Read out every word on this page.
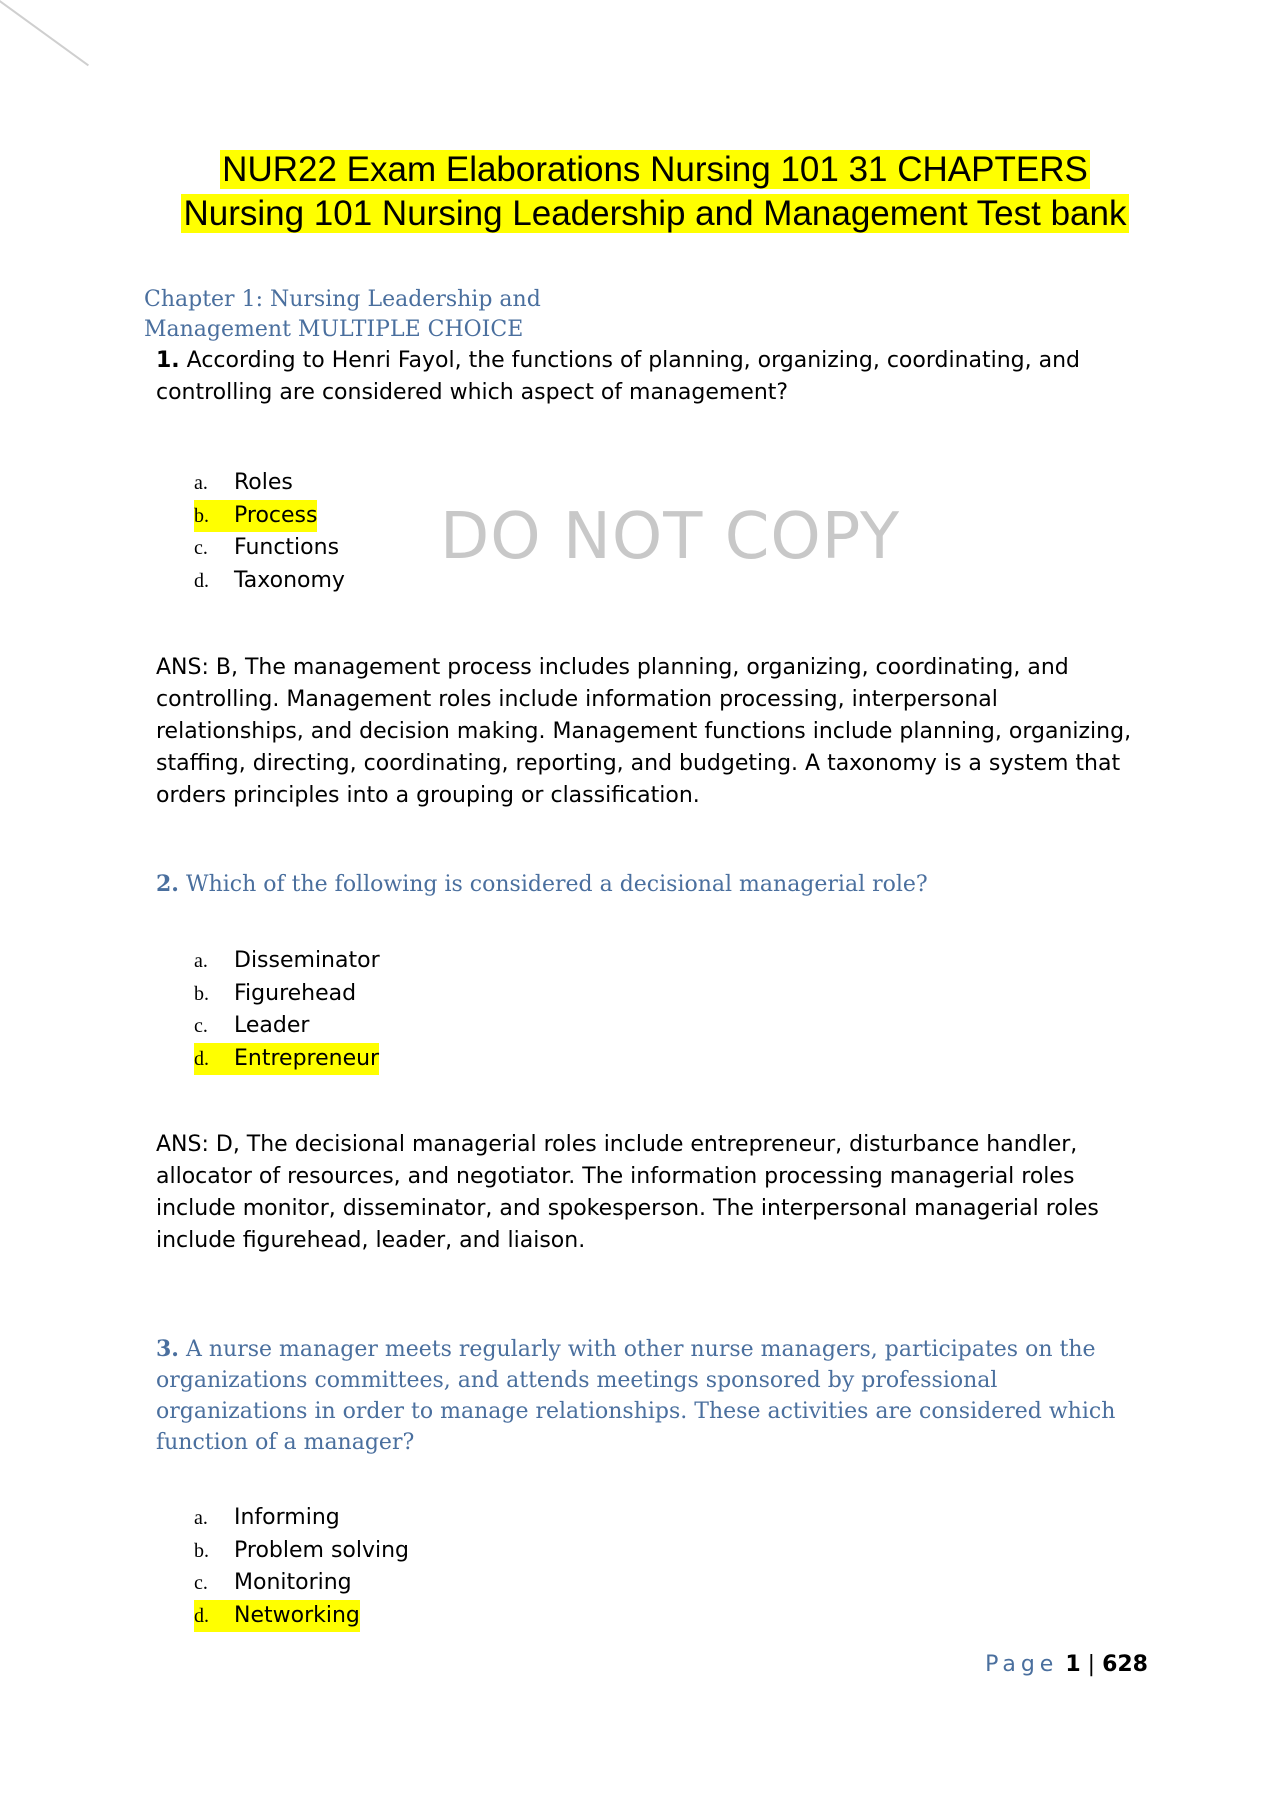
NUR22 Exam Elaborations Nursing 101 31 CHAPTERS
Nursing 101 Nursing Leadership and Management Test bank
Chapter 1: Nursing Leadership and
Management MULTIPLE CHOICE
1. According to Henri Fayol, the functions of planning, organizing, coordinating, and controlling are considered which aspect of management?
a. Roles
b. Process
c. Functions
d. Taxonomy
DO NOT COPY
ANS: B, The management process includes planning, organizing, coordinating, and controlling. Management roles include information processing, interpersonal relationships, and decision making. Management functions include planning, organizing, staffing, directing, coordinating, reporting, and budgeting. A taxonomy is a system that orders principles into a grouping or classification.
2. Which of the following is considered a decisional managerial role?
a. Disseminator
b. Figurehead
c. Leader
d. Entrepreneur
ANS: D, The decisional managerial roles include entrepreneur, disturbance handler, allocator of resources, and negotiator. The information processing managerial roles include monitor, disseminator, and spokesperson. The interpersonal managerial roles include figurehead, leader, and liaison.
3. A nurse manager meets regularly with other nurse managers, participates on the organizations committees, and attends meetings sponsored by professional organizations in order to manage relationships. These activities are considered which function of a manager?
a. Informing
b. Problem solving
c. Monitoring
d. Networking
Page 1 | 628
